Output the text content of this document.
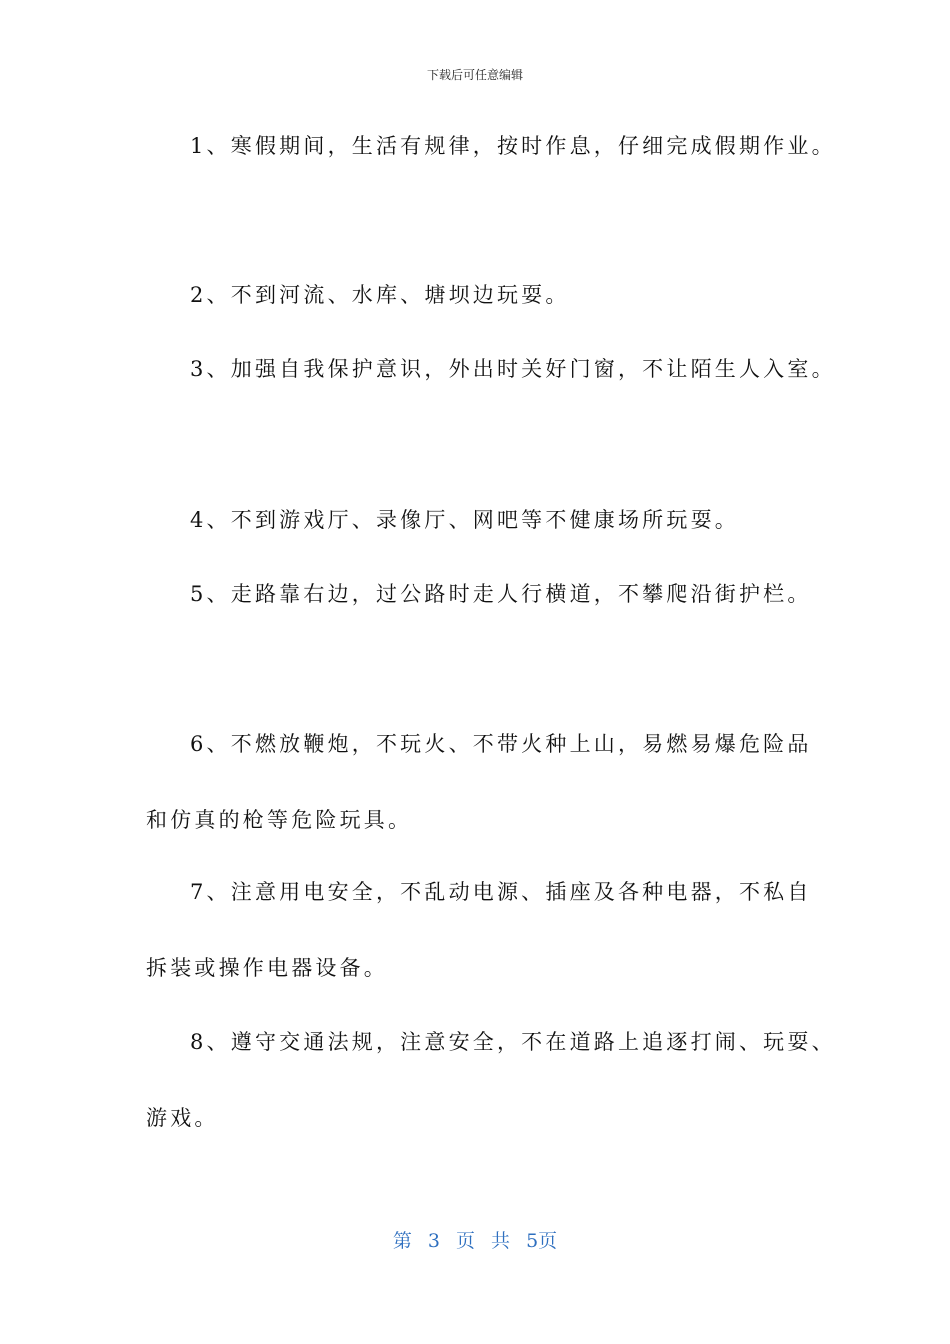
下载后可任意编辑
1、寒假期间，生活有规律，按时作息，仔细完成假期作业。
2、不到河流、水库、塘坝边玩耍。
3、加强自我保护意识，外出时关好门窗，不让陌生人入室。
4、不到游戏厅、录像厅、网吧等不健康场所玩耍。
5、走路靠右边，过公路时走人行横道，不攀爬沿街护栏。
6、不燃放鞭炮，不玩火、不带火种上山，易燃易爆危险品
和仿真的枪等危险玩具。
7、注意用电安全，不乱动电源、插座及各种电器，不私自
拆装或操作电器设备。
8、遵守交通法规，注意安全，不在道路上追逐打闹、玩耍、
游戏。
第 3 页 共 5页
